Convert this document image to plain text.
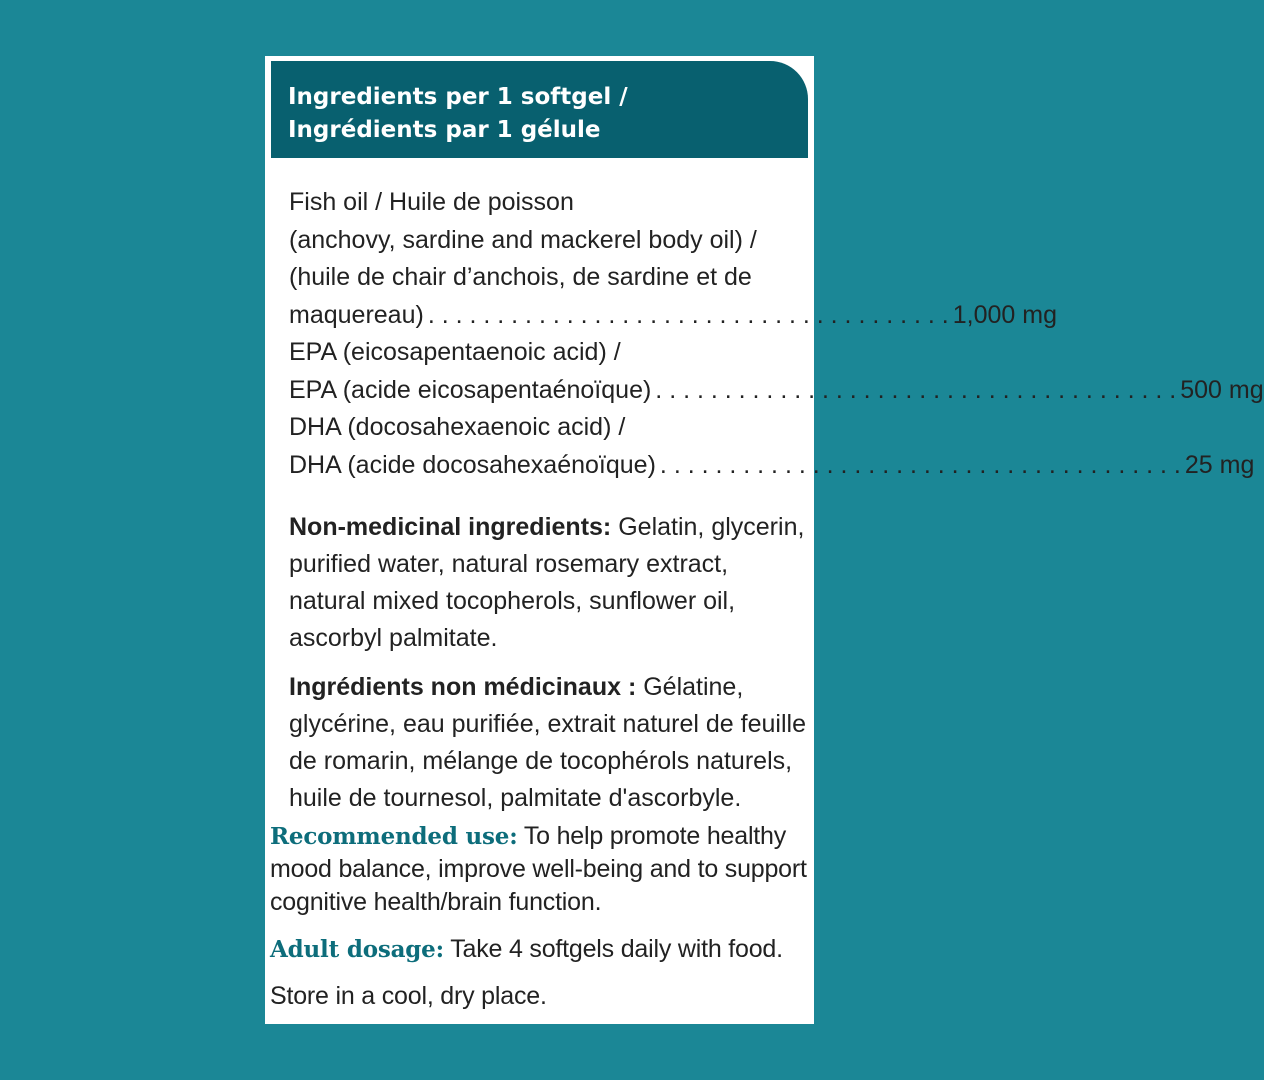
Ingredients per 1 softgel /
Ingrédients par 1 gélule
Fish oil / Huile de poisson
(anchovy, sardine and mackerel body oil) /
(huile de chair d’anchois, de sardine et de
maquereau) . . . . . . . . . . . . . . . . . . . . . . . . . . . . . . . . . . . . . . 1,000 mg
EPA (eicosapentaenoic acid) /
EPA (acide eicosapentaénoïque) . . . . . . . . . . . . . . . . . . . . . . . . . . . . . . . . . . . . . . 500 mg
DHA (docosahexaenoic acid) /
DHA (acide docosahexaénoïque) . . . . . . . . . . . . . . . . . . . . . . . . . . . . . . . . . . . . . . 25 mg
Non-medicinal ingredients: Gelatin, glycerin, purified water, natural rosemary extract, natural mixed tocopherols, sunflower oil, ascorbyl palmitate.
Ingrédients non médicinaux : Gélatine, glycérine, eau purifiée, extrait naturel de feuille de romarin, mélange de tocophérols naturels, huile de tournesol, palmitate d'ascorbyle.
Recommended use: To help promote healthy mood balance, improve well-being and to support cognitive health/brain function.
Adult dosage: Take 4 softgels daily with food.
Store in a cool, dry place.
